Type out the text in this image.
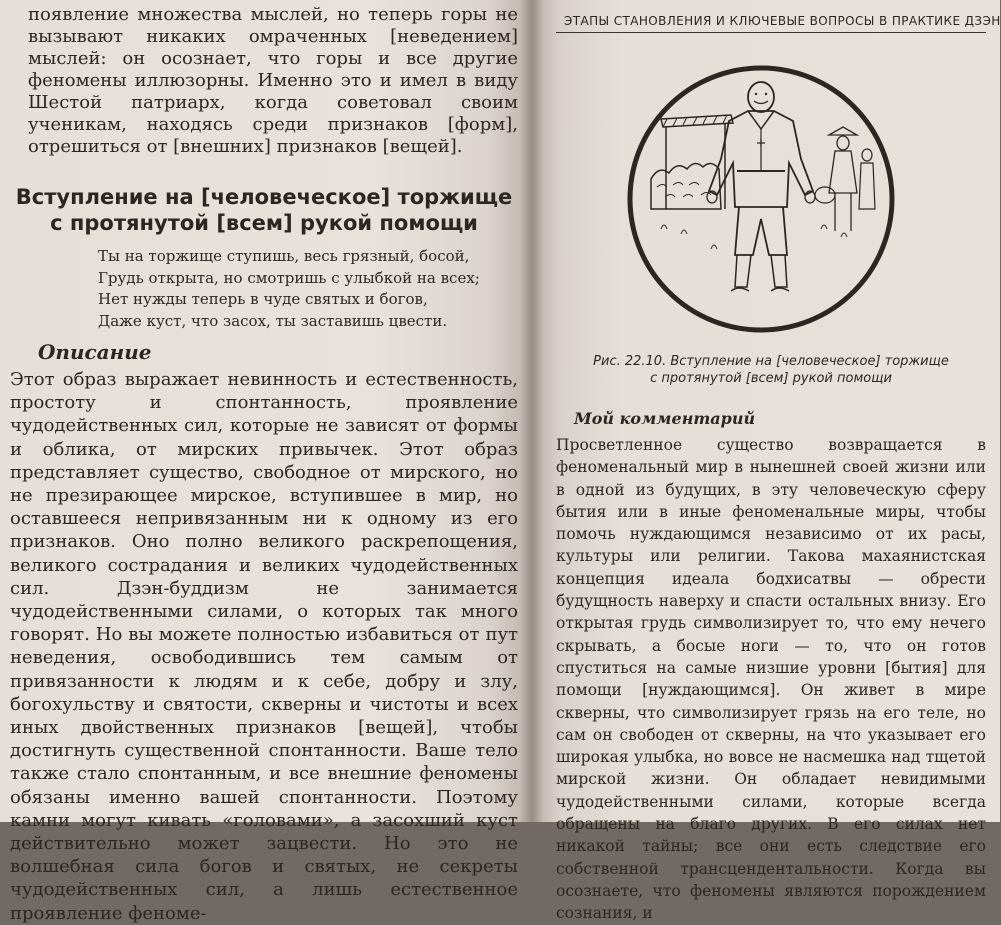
появление множества мыслей, но теперь горы не вызывают никаких омраченных [неведением] мыслей: он осознает, что горы и все другие феномены иллюзорны. Именно это и имел в виду Шестой патриарх, когда советовал своим ученикам, находясь среди признаков [форм], отрешиться от [внешних] признаков [вещей].

Вступление на [человеческое] торжище
с протянутой [всем] рукой помощи
Ты на торжище ступишь, весь грязный, босой,
Грудь открыта, но смотришь с улыбкой на всех;
Нет нужды теперь в чуде святых и богов,
Даже куст, что засох, ты заставишь цвести.
Описание

Этот образ выражает невинность и естественность, простоту и спонтанность, проявление чудодейственных сил, которые не зависят от формы и облика, от мирских привычек. Этот образ представляет существо, свободное от мирского, но не презирающее мирское, вступившее в мир, но оставшееся непривязанным ни к одному из его признаков. Оно полно великого раскрепощения, великого сострадания и великих чудодейственных сил. Дзэн-буддизм не занимается чудодейственными силами, о которых так много говорят. Но вы можете полностью избавиться от пут неведения, освободившись тем самым от привязанности к людям и к себе, добру и злу, богохульству и святости, скверны и чистоты и всех иных двойственных признаков [вещей], чтобы достигнуть существенной спонтанности. Ваше тело также стало спонтанным, и все внешние феномены обязаны именно вашей спонтанности. Поэтому камни могут кивать «головами», а засохший куст действительно может зацвести. Но это не волшебная сила богов и святых, не секреты чудодейственных сил, а лишь естественное проявление феноме-

ЭТАПЫ СТАНОВЛЕНИЯ И КЛЮЧЕВЫЕ ВОПРОСЫ В ПРАКТИКЕ ДЗЭН
Рис. 22.10. Вступление на [человеческое] торжище
с протянутой [всем] рукой помощи
Мой комментарий

Просветленное существо возвращается в феноменальный мир в нынешней своей жизни или в одной из будущих, в эту человеческую сферу бытия или в иные феноменальные миры, чтобы помочь нуждающимся независимо от их расы, культуры или религии. Такова махаянистская концепция идеала бодхисатвы — обрести будущность наверху и спасти остальных внизу. Его открытая грудь символизирует то, что ему нечего скрывать, а босые ноги — то, что он готов спуститься на самые низшие уровни [бытия] для помощи [нуждающимся]. Он живет в мире скверны, что символизирует грязь на его теле, но сам он свободен от скверны, на что указывает его широкая улыбка, но вовсе не насмешка над тщетой мирской жизни. Он обладает невидимыми чудодейственными силами, которые всегда обращены на благо других. В его силах нет никакой тайны; все они есть следствие его собственной трансцендентальности. Когда вы осознаете, что феномены являются порождением сознания, и
